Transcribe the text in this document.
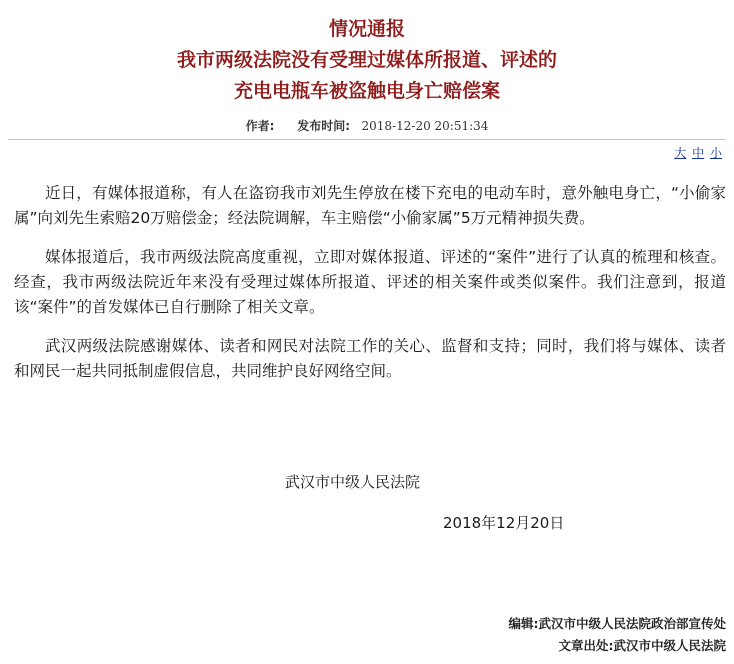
情况通报
我市两级法院没有受理过媒体所报道、评述的
充电电瓶车被盗触电身亡赔偿案
作者: 发布时间: 2018-12-20 20:51:34
大 中 小

近日，有媒体报道称，有人在盗窃我市刘先生停放在楼下充电的电动车时，意外触电身亡，“小偷家属”向刘先生索赔20万赔偿金；经法院调解，车主赔偿“小偷家属”5万元精神损失费。

媒体报道后，我市两级法院高度重视，立即对媒体报道、评述的“案件”进行了认真的梳理和核查。经查，我市两级法院近年来没有受理过媒体所报道、评述的相关案件或类似案件。我们注意到，报道该“案件”的首发媒体已自行删除了相关文章。

武汉两级法院感谢媒体、读者和网民对法院工作的关心、监督和支持；同时，我们将与媒体、读者和网民一起共同抵制虚假信息，共同维护良好网络空间。

武汉市中级人民法院
2018年12月20日
编辑:武汉市中级人民法院政治部宣传处
文章出处:武汉市中级人民法院
